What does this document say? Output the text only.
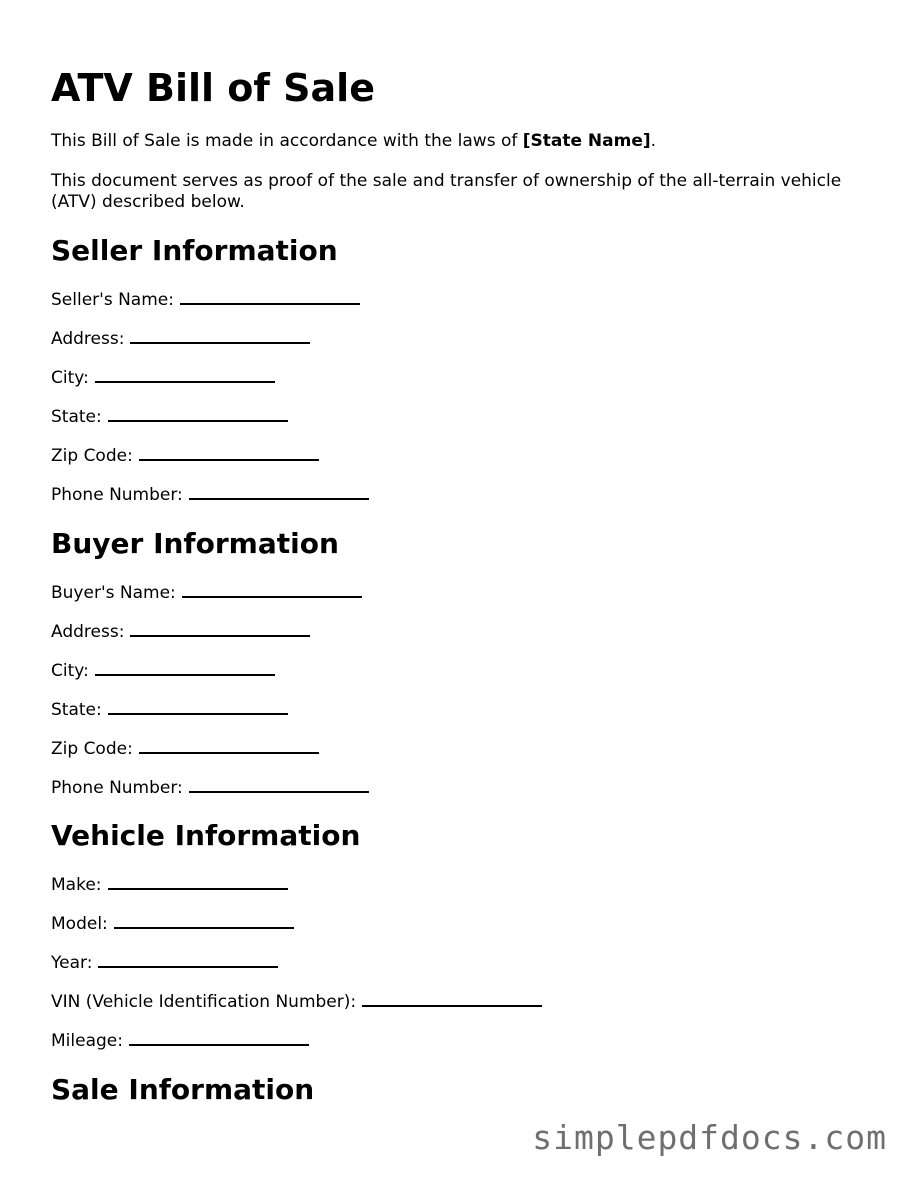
ATV Bill of Sale

This Bill of Sale is made in accordance with the laws of [State Name].

This document serves as proof of the sale and transfer of ownership of the all-terrain vehicle (ATV) described below.

Seller Information

Seller's Name:

Address:

City:

State:

Zip Code:

Phone Number:

Buyer Information

Buyer's Name:

Address:

City:

State:

Zip Code:

Phone Number:

Vehicle Information

Make:

Model:

Year:

VIN (Vehicle Identification Number):

Mileage:

Sale Information
simplepdfdocs.com
